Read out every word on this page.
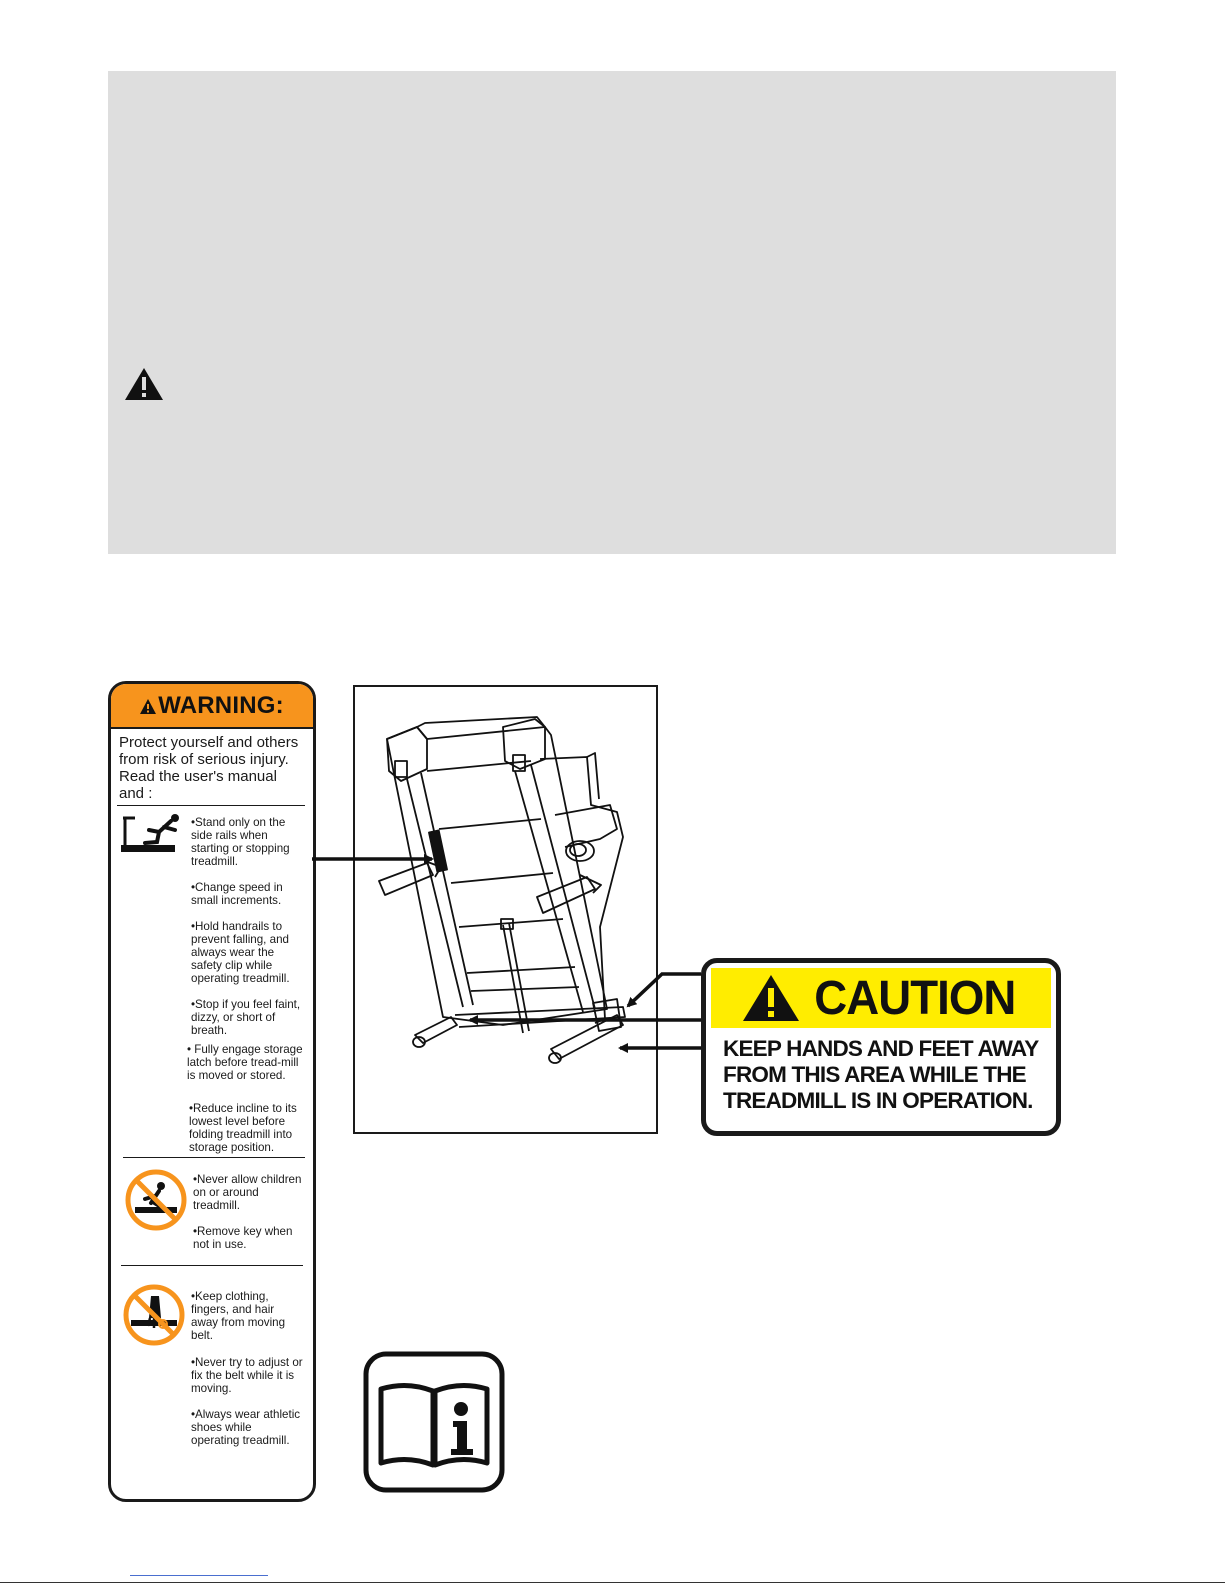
WARNING:
Protect yourself and others from risk of serious injury. Read the user's manual and :
•Stand only on the side rails when starting or stopping treadmill.
•Change speed in small increments.
•Hold handrails to prevent falling, and always wear the safety clip while operating treadmill.
•Stop if you feel faint, dizzy, or short of breath.
• Fully engage storage latch before tread-mill is moved or stored.
•Reduce incline to its lowest level before folding treadmill into storage position.
•Never allow children on or around treadmill.
•Remove key when not in use.
•Keep clothing, fingers, and hair away from moving belt.
•Never try to adjust or fix the belt while it is moving.
•Always wear athletic shoes while operating treadmill.
CAUTION
KEEP HANDS AND FEET AWAY FROM THIS AREA WHILE THE TREADMILL IS IN OPERATION.
